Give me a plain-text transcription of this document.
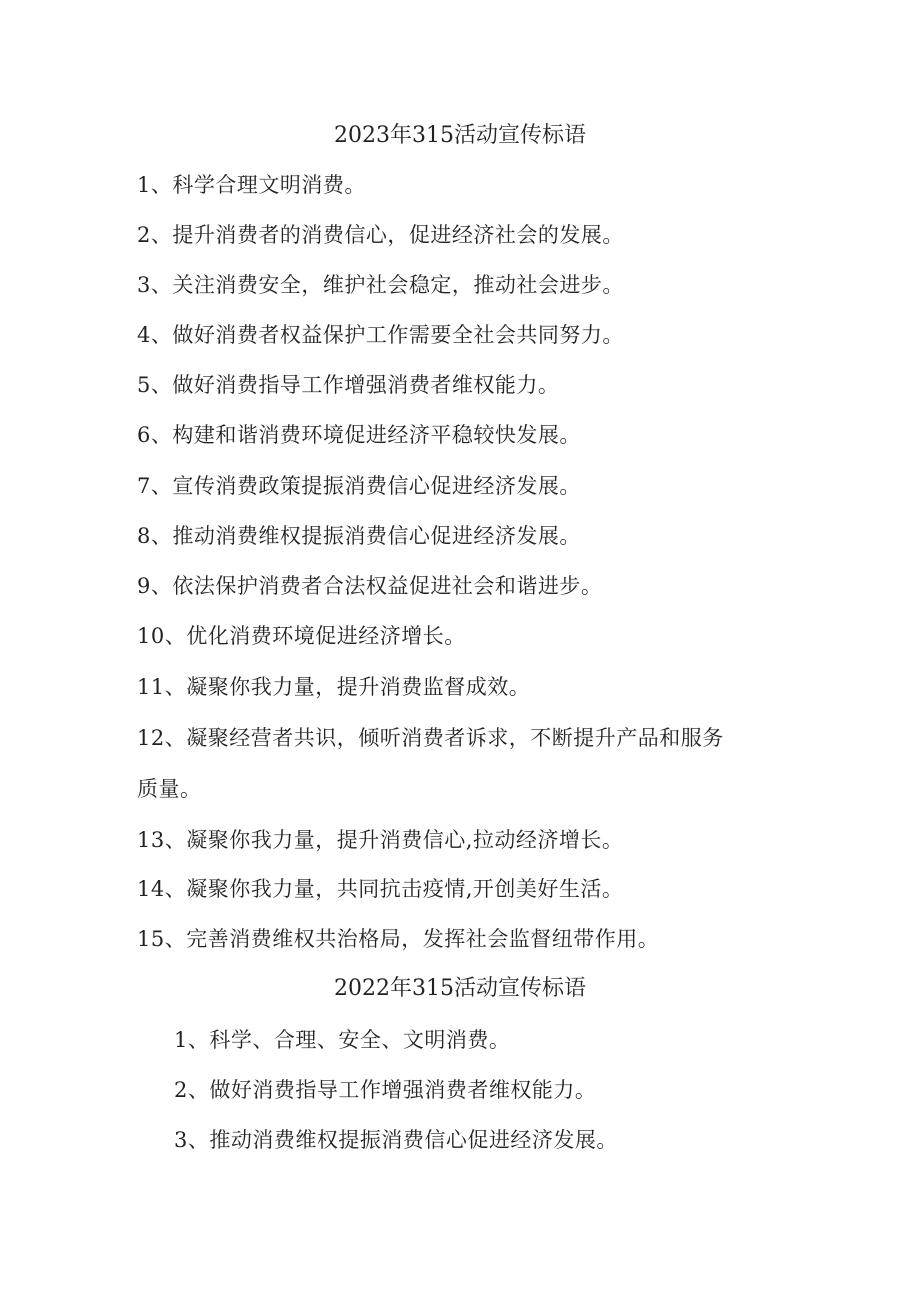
2023年315活动宣传标语
1、科学合理文明消费。
2、提升消费者的消费信心，促进经济社会的发展。
3、关注消费安全，维护社会稳定，推动社会进步。
4、做好消费者权益保护工作需要全社会共同努力。
5、做好消费指导工作增强消费者维权能力。
6、构建和谐消费环境促进经济平稳较快发展。
7、宣传消费政策提振消费信心促进经济发展。
8、推动消费维权提振消费信心促进经济发展。
9、依法保护消费者合法权益促进社会和谐进步。
10、优化消费环境促进经济增长。
11、凝聚你我力量，提升消费监督成效。
12、凝聚经营者共识，倾听消费者诉求，不断提升产品和服务
质量。
13、凝聚你我力量，提升消费信心,拉动经济增长。
14、凝聚你我力量，共同抗击疫情,开创美好生活。
15、完善消费维权共治格局，发挥社会监督纽带作用。
2022年315活动宣传标语
1、科学、合理、安全、文明消费。
2、做好消费指导工作增强消费者维权能力。
3、推动消费维权提振消费信心促进经济发展。
